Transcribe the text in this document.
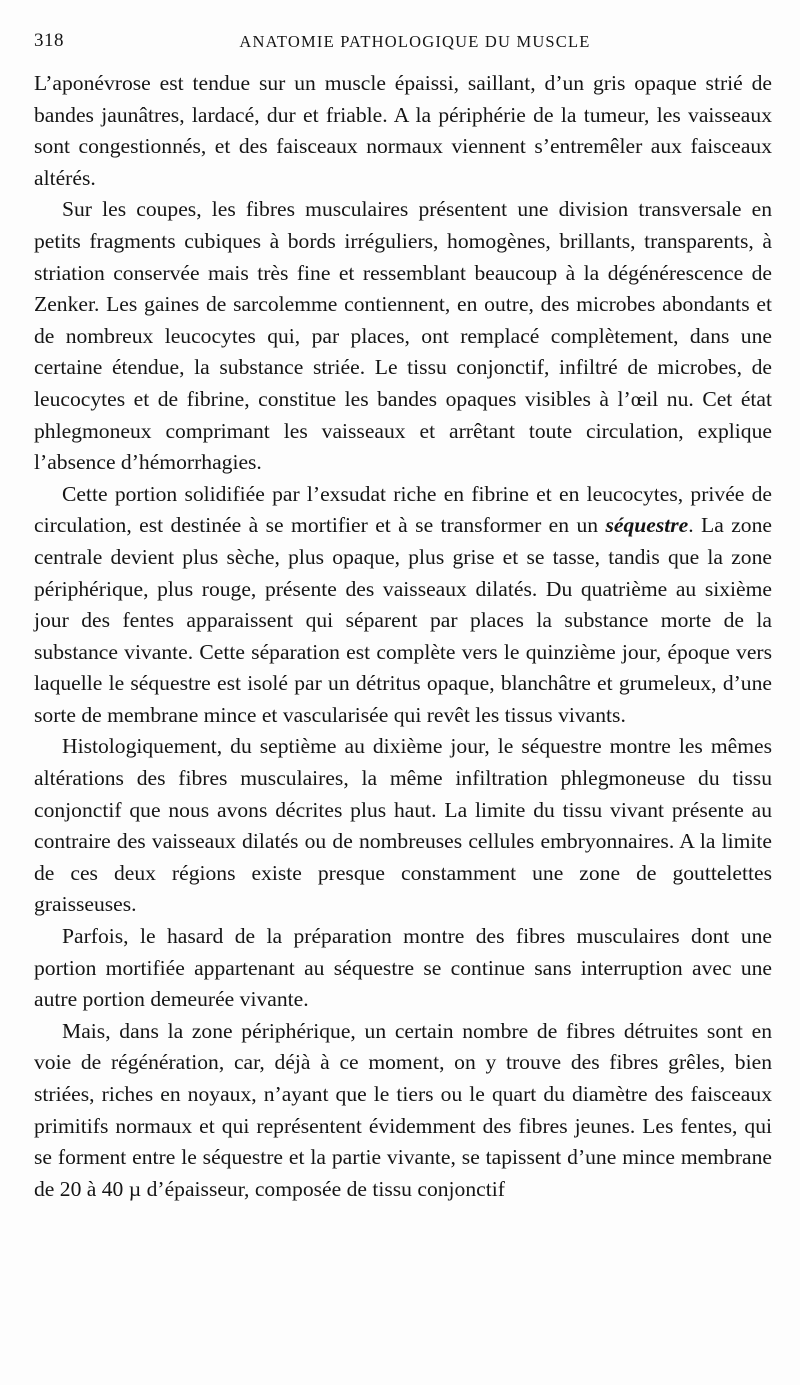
318	ANATOMIE PATHOLOGIQUE DU MUSCLE

L’aponévrose est tendue sur un muscle épaissi, saillant, d’un gris opaque strié de bandes jaunâtres, lardacé, dur et friable. A la périphérie de la tumeur, les vaisseaux sont congestionnés, et des faisceaux normaux viennent s’entremêler aux faisceaux altérés.

Sur les coupes, les fibres musculaires présentent une division transversale en petits fragments cubiques à bords irréguliers, homogènes, brillants, transparents, à striation conservée mais très fine et ressemblant beaucoup à la dégénérescence de Zenker. Les gaines de sarcolemme contiennent, en outre, des microbes abondants et de nombreux leucocytes qui, par places, ont remplacé complètement, dans une certaine étendue, la substance striée. Le tissu conjonctif, infiltré de microbes, de leucocytes et de fibrine, constitue les bandes opaques visibles à l’œil nu. Cet état phlegmoneux comprimant les vaisseaux et arrêtant toute circulation, explique l’absence d’hémorrhagies.

Cette portion solidifiée par l’exsudat riche en fibrine et en leucocytes, privée de circulation, est destinée à se mortifier et à se transformer en un séquestre. La zone centrale devient plus sèche, plus opaque, plus grise et se tasse, tandis que la zone périphérique, plus rouge, présente des vaisseaux dilatés. Du quatrième au sixième jour des fentes apparaissent qui séparent par places la substance morte de la substance vivante. Cette séparation est complète vers le quinzième jour, époque vers laquelle le séquestre est isolé par un détritus opaque, blanchâtre et grumeleux, d’une sorte de membrane mince et vascularisée qui revêt les tissus vivants.

Histologiquement, du septième au dixième jour, le séquestre montre les mêmes altérations des fibres musculaires, la même infiltration phlegmoneuse du tissu conjonctif que nous avons décrites plus haut. La limite du tissu vivant présente au contraire des vaisseaux dilatés ou de nombreuses cellules embryonnaires. A la limite de ces deux régions existe presque constamment une zone de gouttelettes graisseuses.

Parfois, le hasard de la préparation montre des fibres musculaires dont une portion mortifiée appartenant au séquestre se continue sans interruption avec une autre portion demeurée vivante.

Mais, dans la zone périphérique, un certain nombre de fibres détruites sont en voie de régénération, car, déjà à ce moment, on y trouve des fibres grêles, bien striées, riches en noyaux, n’ayant que le tiers ou le quart du diamètre des faisceaux primitifs normaux et qui représentent évidemment des fibres jeunes. Les fentes, qui se forment entre le séquestre et la partie vivante, se tapissent d’une mince membrane de 20 à 40 µ d’épaisseur, composée de tissu conjonctif
